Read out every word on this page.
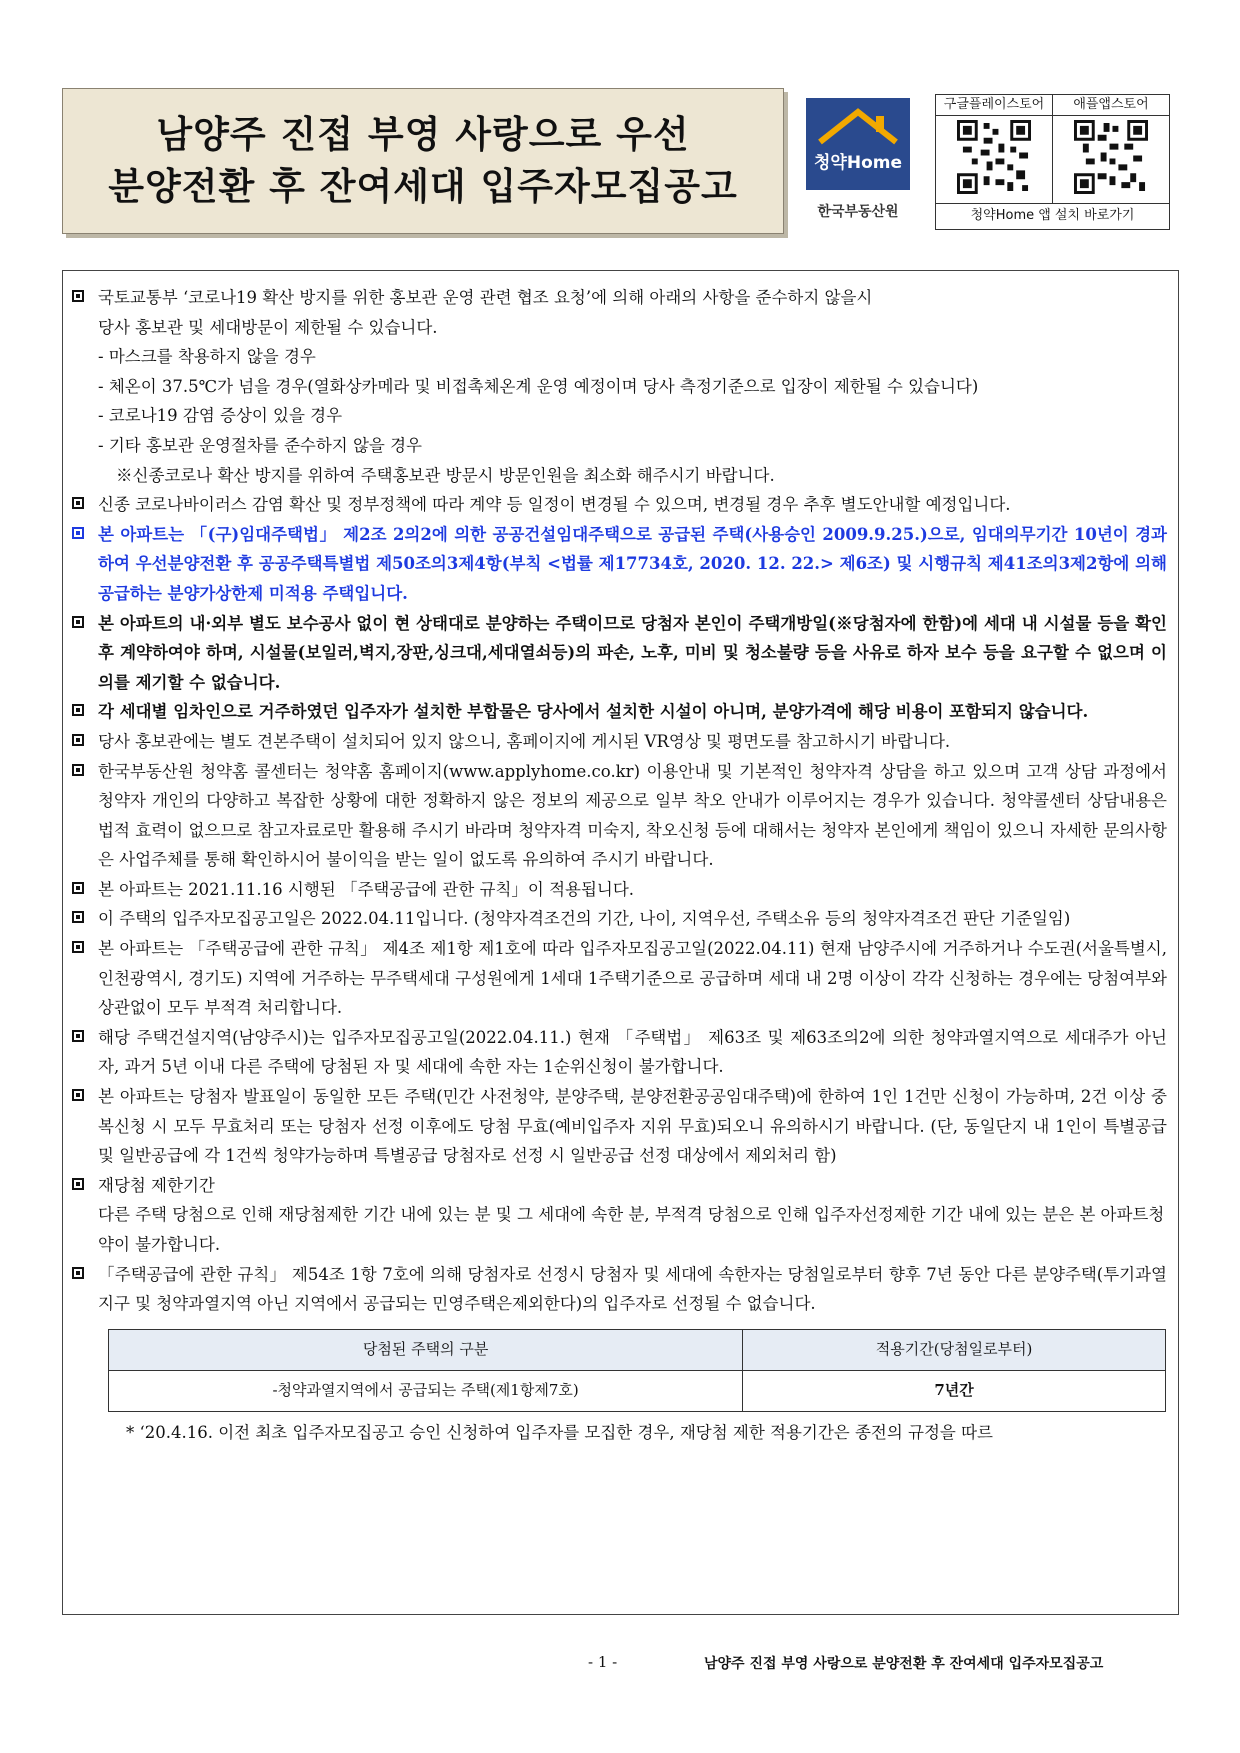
남양주 진접 부영 사랑으로 우선
분양전환 후 잔여세대 입주자모집공고
청약Home
한국부동산원
구글플레이스토어	애플앱스토어
청약Home 앱 설치 바로가기
국토교통부 ‘코로나19 확산 방지를 위한 홍보관 운영 관련 협조 요청’에 의해 아래의 사항을 준수하지 않을시
당사 홍보관 및 세대방문이 제한될 수 있습니다.
- 마스크를 착용하지 않을 경우
- 체온이 37.5℃가 넘을 경우(열화상카메라 및 비접촉체온계 운영 예정이며 당사 측정기준으로 입장이 제한될 수 있습니다)
- 코로나19 감염 증상이 있을 경우
- 기타 홍보관 운영절차를 준수하지 않을 경우
※신종코로나 확산 방지를 위하여 주택홍보관 방문시 방문인원을 최소화 해주시기 바랍니다.
신종 코로나바이러스 감염 확산 및 정부정책에 따라 계약 등 일정이 변경될 수 있으며, 변경될 경우 추후 별도안내할 예정입니다.
본 아파트는 「(구)임대주택법」 제2조 2의2에 의한 공공건설임대주택으로 공급된 주택(사용승인 2009.9.25.)으로, 임대의무기간 10년이 경과하여 우선분양전환 후 공공주택특별법 제50조의3제4항(부칙 <법률 제17734호, 2020. 12. 22.> 제6조) 및 시행규칙 제41조의3제2항에 의해 공급하는 분양가상한제 미적용 주택입니다.
본 아파트의 내·외부 별도 보수공사 없이 현 상태대로 분양하는 주택이므로 당첨자 본인이 주택개방일(※당첨자에 한함)에 세대 내 시설물 등을 확인 후 계약하여야 하며, 시설물(보일러,벽지,장판,싱크대,세대열쇠등)의 파손, 노후, 미비 및 청소불량 등을 사유로 하자 보수 등을 요구할 수 없으며 이의를 제기할 수 없습니다.
각 세대별 임차인으로 거주하였던 입주자가 설치한 부합물은 당사에서 설치한 시설이 아니며, 분양가격에 해당 비용이 포함되지 않습니다.
당사 홍보관에는 별도 견본주택이 설치되어 있지 않으니, 홈페이지에 게시된 VR영상 및 평면도를 참고하시기 바랍니다.
한국부동산원 청약홈 콜센터는 청약홈 홈페이지(www.applyhome.co.kr) 이용안내 및 기본적인 청약자격 상담을 하고 있으며 고객 상담 과정에서 청약자 개인의 다양하고 복잡한 상황에 대한 정확하지 않은 정보의 제공으로 일부 착오 안내가 이루어지는 경우가 있습니다. 청약콜센터 상담내용은 법적 효력이 없으므로 참고자료로만 활용해 주시기 바라며 청약자격 미숙지, 착오신청 등에 대해서는 청약자 본인에게 책임이 있으니 자세한 문의사항은 사업주체를 통해 확인하시어 불이익을 받는 일이 없도록 유의하여 주시기 바랍니다.
본 아파트는 2021.11.16 시행된 「주택공급에 관한 규칙」이 적용됩니다.
이 주택의 입주자모집공고일은 2022.04.11입니다. (청약자격조건의 기간, 나이, 지역우선, 주택소유 등의 청약자격조건 판단 기준일임)
본 아파트는 「주택공급에 관한 규칙」 제4조 제1항 제1호에 따라 입주자모집공고일(2022.04.11) 현재 남양주시에 거주하거나 수도권(서울특별시, 인천광역시, 경기도) 지역에 거주하는 무주택세대 구성원에게 1세대 1주택기준으로 공급하며 세대 내 2명 이상이 각각 신청하는 경우에는 당첨여부와 상관없이 모두 부적격 처리합니다.
해당 주택건설지역(남양주시)는 입주자모집공고일(2022.04.11.) 현재 「주택법」 제63조 및 제63조의2에 의한 청약과열지역으로 세대주가 아닌자, 과거 5년 이내 다른 주택에 당첨된 자 및 세대에 속한 자는 1순위신청이 불가합니다.
본 아파트는 당첨자 발표일이 동일한 모든 주택(민간 사전청약, 분양주택, 분양전환공공임대주택)에 한하여 1인 1건만 신청이 가능하며, 2건 이상 중복신청 시 모두 무효처리 또는 당첨자 선정 이후에도 당첨 무효(예비입주자 지위 무효)되오니 유의하시기 바랍니다. (단, 동일단지 내 1인이 특별공급 및 일반공급에 각 1건씩 청약가능하며 특별공급 당첨자로 선정 시 일반공급 선정 대상에서 제외처리 함)
재당첨 제한기간
다른 주택 당첨으로 인해 재당첨제한 기간 내에 있는 분 및 그 세대에 속한 분, 부적격 당첨으로 인해 입주자선정제한 기간 내에 있는 분은 본 아파트청약이 불가합니다.
「주택공급에 관한 규칙」 제54조 1항 7호에 의해 당첨자로 선정시 당첨자 및 세대에 속한자는 당첨일로부터 향후 7년 동안 다른 분양주택(투기과열지구 및 청약과열지역 아닌 지역에서 공급되는 민영주택은제외한다)의 입주자로 선정될 수 없습니다.
당첨된 주택의 구분	적용기간(당첨일로부터)
-청약과열지역에서 공급되는 주택(제1항제7호)	7년간
* ‘20.4.16. 이전 최초 입주자모집공고 승인 신청하여 입주자를 모집한 경우, 재당첨 제한 적용기간은 종전의 규정을 따르
- 1 -	남양주 진접 부영 사랑으로 분양전환 후 잔여세대 입주자모집공고
